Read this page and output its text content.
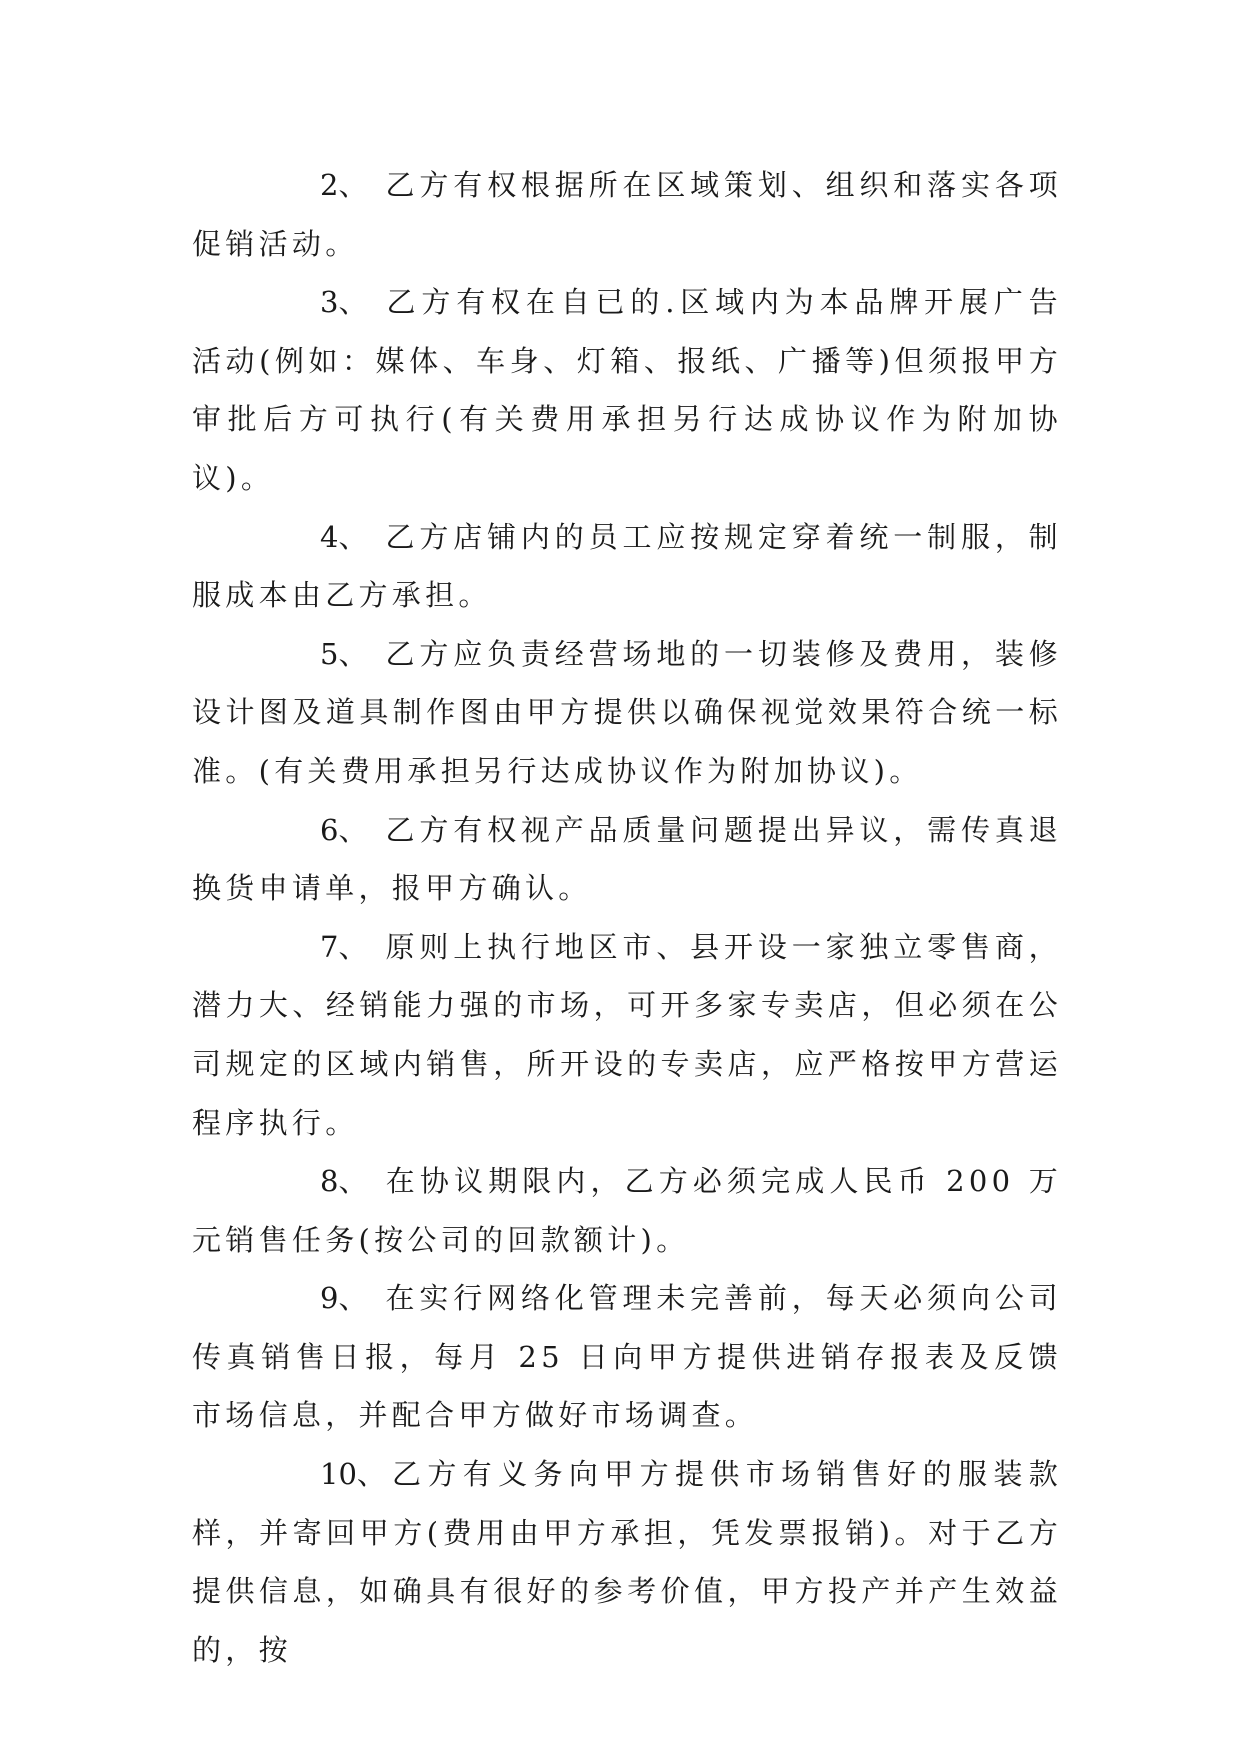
2、 乙方有权根据所在区域策划、组织和落实各项促销活动。

3、 乙方有权在自已的.区域内为本品牌开展广告活动(例如：媒体、车身、灯箱、报纸、广播等)但须报甲方审批后方可执行(有关费用承担另行达成协议作为附加协议)。

4、 乙方店铺内的员工应按规定穿着统一制服，制服成本由乙方承担。

5、 乙方应负责经营场地的一切装修及费用，装修设计图及道具制作图由甲方提供以确保视觉效果符合统一标准。(有关费用承担另行达成协议作为附加协议)。

6、 乙方有权视产品质量问题提出异议，需传真退换货申请单，报甲方确认。

7、 原则上执行地区市、县开设一家独立零售商，潜力大、经销能力强的市场，可开多家专卖店，但必须在公司规定的区域内销售，所开设的专卖店，应严格按甲方营运程序执行。

8、 在协议期限内，乙方必须完成人民币 200 万元销售任务(按公司的回款额计)。

9、 在实行网络化管理未完善前，每天必须向公司传真销售日报，每月 25 日向甲方提供进销存报表及反馈市场信息，并配合甲方做好市场调查。

10、 乙方有义务向甲方提供市场销售好的服装款样，并寄回甲方(费用由甲方承担，凭发票报销)。对于乙方提供信息，如确具有很好的参考价值，甲方投产并产生效益的，按
